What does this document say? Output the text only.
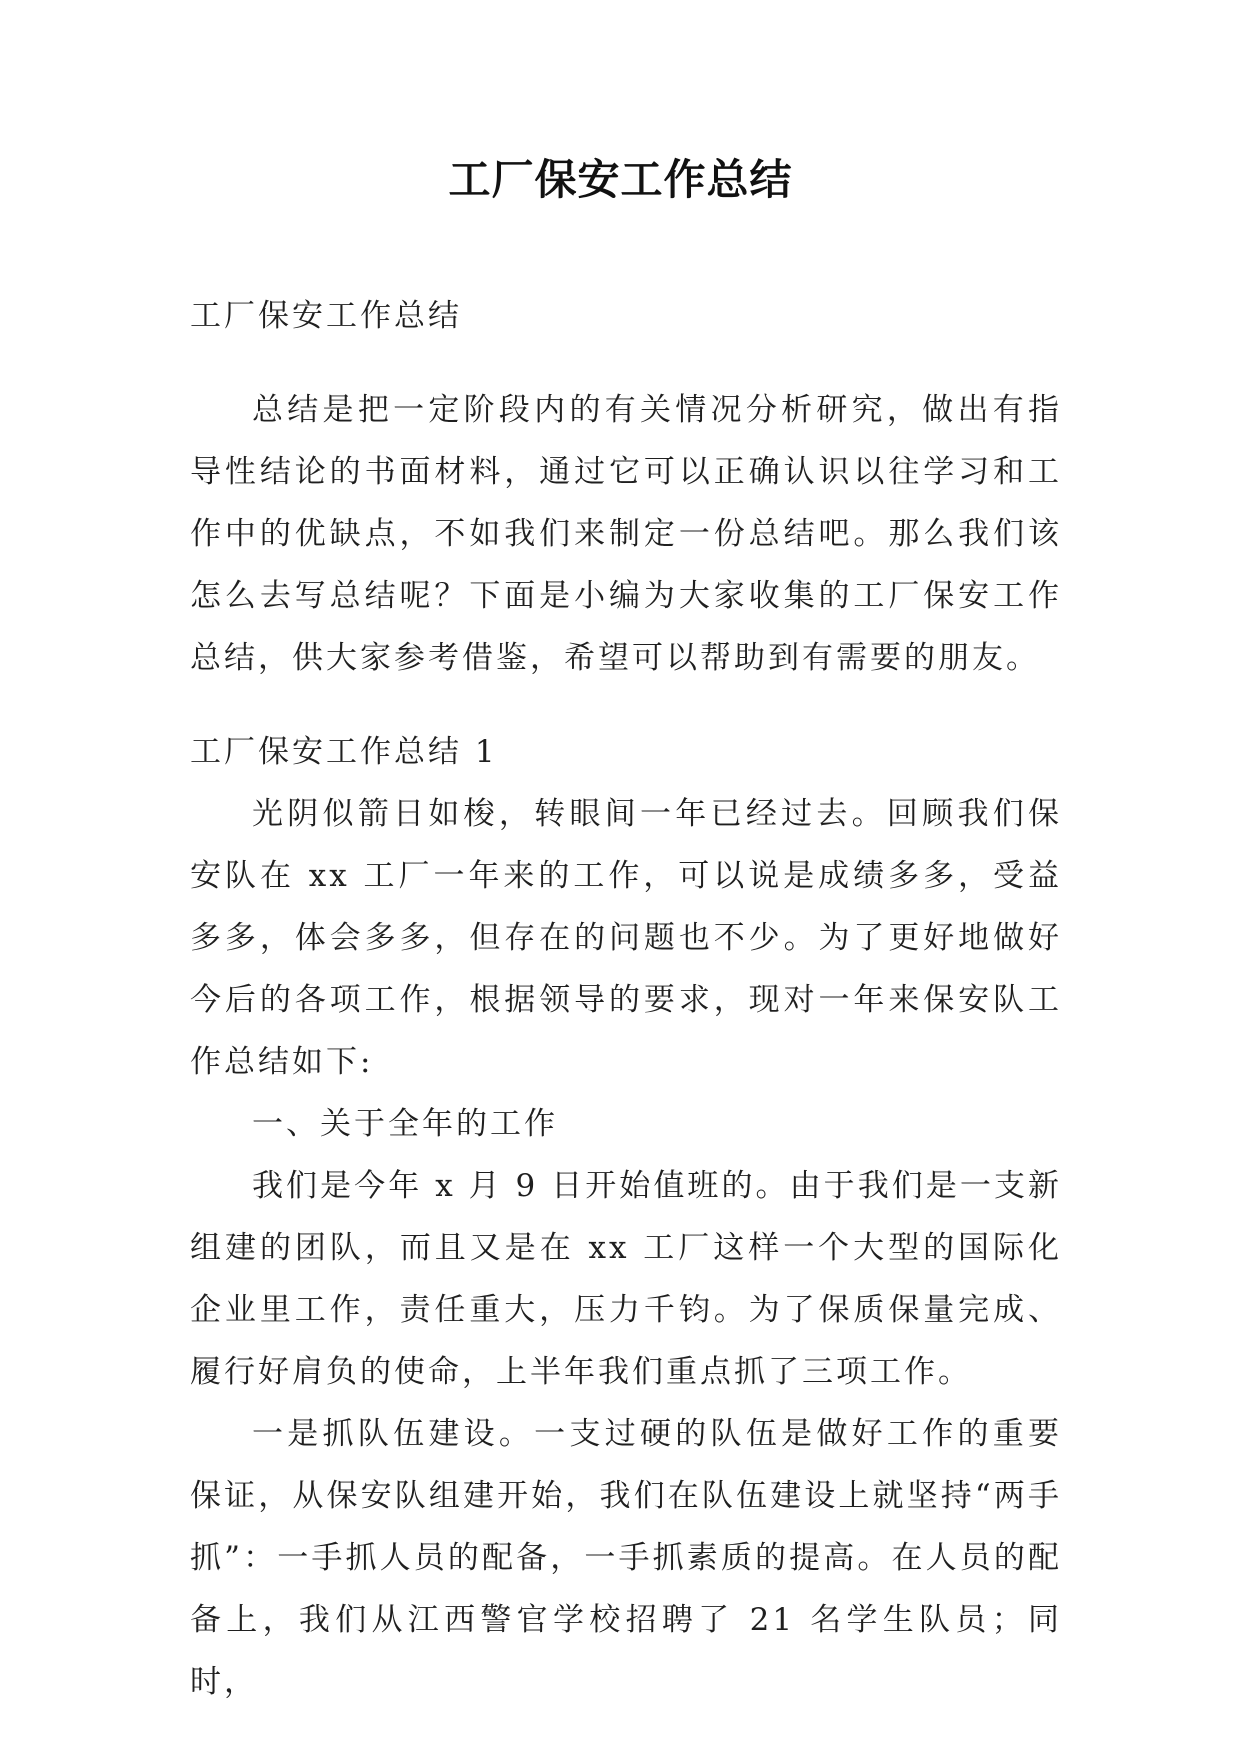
工厂保安工作总结

工厂保安工作总结

总结是把一定阶段内的有关情况分析研究，做出有指导性结论的书面材料，通过它可以正确认识以往学习和工作中的优缺点，不如我们来制定一份总结吧。那么我们该怎么去写总结呢？下面是小编为大家收集的工厂保安工作总结，供大家参考借鉴，希望可以帮助到有需要的朋友。

工厂保安工作总结 1

光阴似箭日如梭，转眼间一年已经过去。回顾我们保安队在 xx 工厂一年来的工作，可以说是成绩多多，受益多多，体会多多，但存在的问题也不少。为了更好地做好今后的各项工作，根据领导的要求，现对一年来保安队工作总结如下:

一、关于全年的工作

我们是今年 x 月 9 日开始值班的。由于我们是一支新组建的团队，而且又是在 xx 工厂这样一个大型的国际化企业里工作，责任重大，压力千钧。为了保质保量完成、履行好肩负的使命，上半年我们重点抓了三项工作。

一是抓队伍建设。一支过硬的队伍是做好工作的重要保证，从保安队组建开始，我们在队伍建设上就坚持“两手抓”：一手抓人员的配备，一手抓素质的提高。在人员的配备上，我们从江西警官学校招聘了 21 名学生队员；同时，
